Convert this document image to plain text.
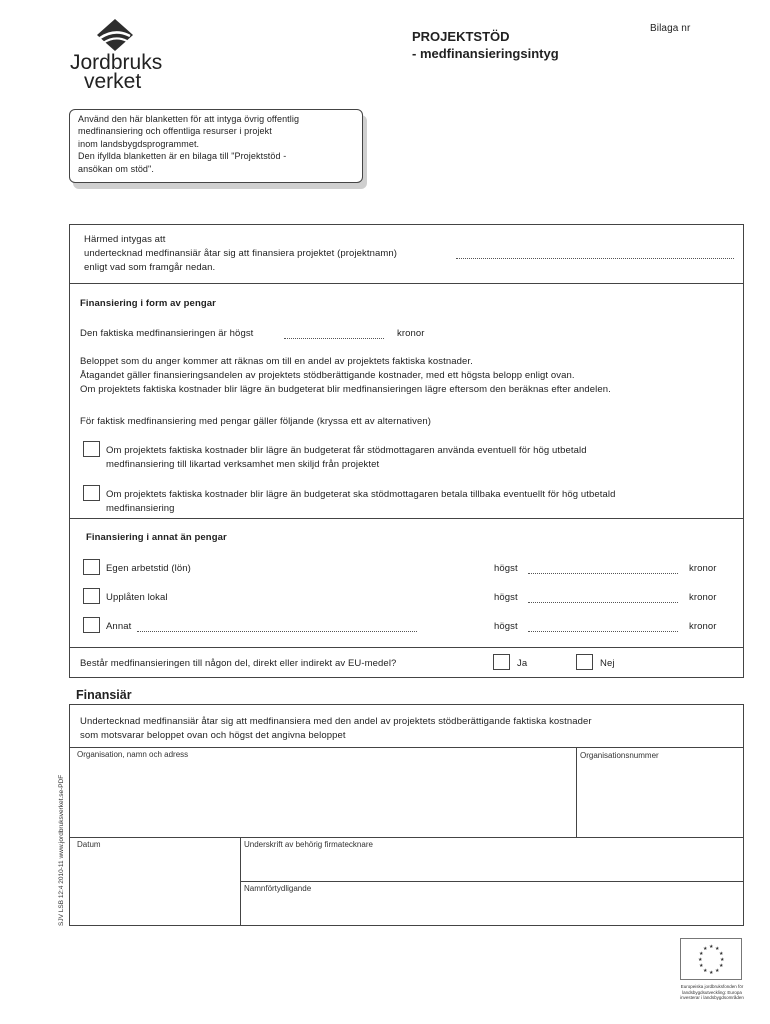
Jordbruks
verket
Bilaga nr
PROJEKTSTÖD
- medfinansieringsintyg
Använd den här blanketten för att intyga övrig offentlig
medfinansiering och offentliga resurser i projekt
inom landsbygdsprogrammet.
Den ifyllda blanketten är en bilaga till "Projektstöd -
ansökan om stöd".
Härmed intygas att
undertecknad medfinansiär åtar sig att finansiera projektet (projektnamn)
enligt vad som framgår nedan.
Finansiering i form av pengar
Den faktiska medfinansieringen är högst	kronor
Beloppet som du anger kommer att räknas om till en andel av projektets faktiska kostnader.
Åtagandet gäller finansieringsandelen av projektets stödberättigande kostnader, med ett högsta belopp enligt ovan.
Om projektets faktiska kostnader blir lägre än budgeterat blir medfinansieringen lägre eftersom den beräknas efter andelen.
För faktisk medfinansiering med pengar gäller följande (kryssa ett av alternativen)
Om projektets faktiska kostnader blir lägre än budgeterat får stödmottagaren använda eventuell för hög utbetald
medfinansiering till likartad verksamhet men skiljd från projektet
Om projektets faktiska kostnader blir lägre än budgeterat ska stödmottagaren betala tillbaka eventuellt för hög utbetald
medfinansiering
Finansiering i annat än pengar
Egen arbetstid (lön)	högst	kronor
Upplåten lokal	högst	kronor
Annat	högst	kronor
Består medfinansieringen till någon del, direkt eller indirekt av EU-medel?	Ja	Nej
Finansiär
Undertecknad medfinansiär åtar sig att medfinansiera med den andel av projektets stödberättigande faktiska kostnader
som motsvarar beloppet ovan och högst det angivna beloppet
Organisation, namn och adress	Organisationsnummer
Datum	Underskrift av behörig firmatecknare
Namnförtydligande
SJV LSB 12:4 2010-11 www.jordbruksverket.se-PDF
★ ★
★
★
★
★
★
★
★
★
★
★
Europeiska jordbruksfonden för
landsbygdsutveckling: Europa
investerar i landsbygdsområden
